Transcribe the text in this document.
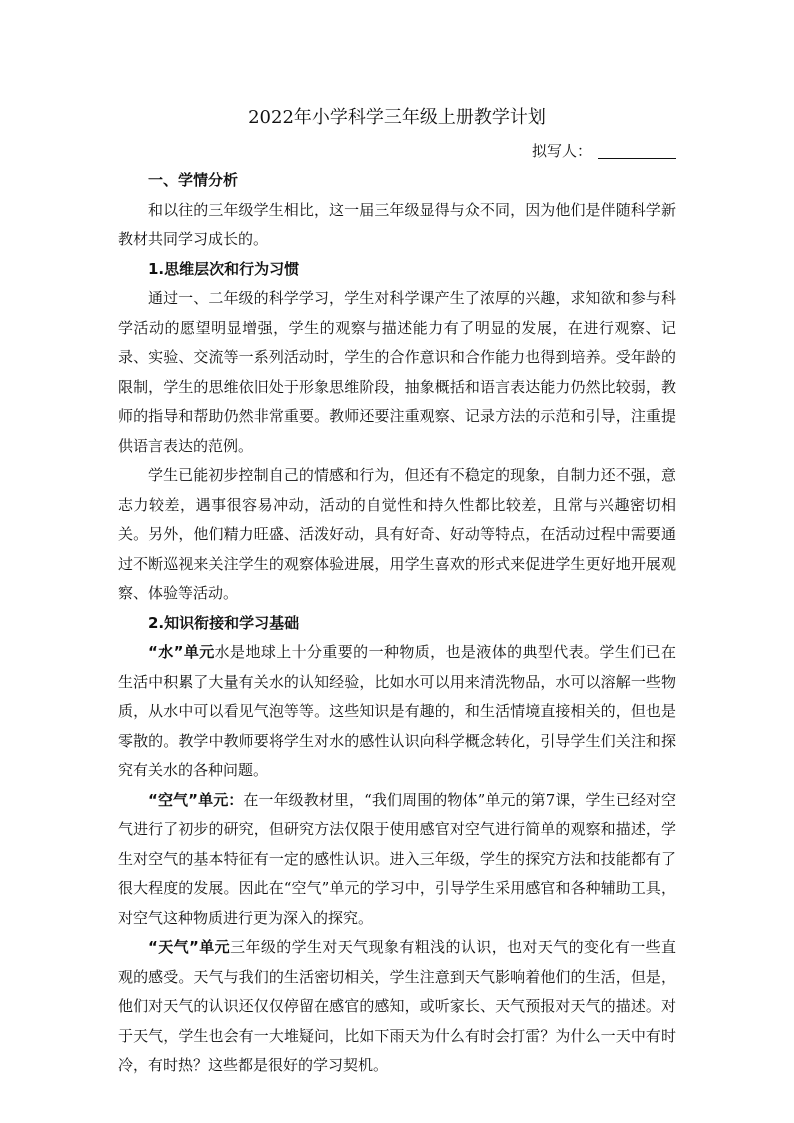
2022年小学科学三年级上册教学计划
拟写人：
一、学情分析

和以往的三年级学生相比，这一届三年级显得与众不同，因为他们是伴随科学新教材共同学习成长的。

1.思维层次和行为习惯

通过一、二年级的科学学习，学生对科学课产生了浓厚的兴趣，求知欲和参与科学活动的愿望明显增强，学生的观察与描述能力有了明显的发展，在进行观察、记录、实验、交流等一系列活动时，学生的合作意识和合作能力也得到培养。受年龄的限制，学生的思维依旧处于形象思维阶段，抽象概括和语言表达能力仍然比较弱，教师的指导和帮助仍然非常重要。教师还要注重观察、记录方法的示范和引导，注重提供语言表达的范例。

学生已能初步控制自己的情感和行为，但还有不稳定的现象，自制力还不强，意志力较差，遇事很容易冲动，活动的自觉性和持久性都比较差，且常与兴趣密切相关。另外，他们精力旺盛、活泼好动，具有好奇、好动等特点，在活动过程中需要通过不断巡视来关注学生的观察体验进展，用学生喜欢的形式来促进学生更好地开展观察、体验等活动。

2.知识衔接和学习基础

“水”单元水是地球上十分重要的一种物质，也是液体的典型代表。学生们已在生活中积累了大量有关水的认知经验，比如水可以用来清洗物品，水可以溶解一些物质，从水中可以看见气泡等等。这些知识是有趣的，和生活情境直接相关的，但也是零散的。教学中教师要将学生对水的感性认识向科学概念转化，引导学生们关注和探究有关水的各种问题。

“空气”单元：在一年级教材里，“我们周围的物体”单元的第7课，学生已经对空气进行了初步的研究，但研究方法仅限于使用感官对空气进行简单的观察和描述，学生对空气的基本特征有一定的感性认识。进入三年级，学生的探究方法和技能都有了很大程度的发展。因此在“空气”单元的学习中，引导学生采用感官和各种辅助工具，对空气这种物质进行更为深入的探究。

“天气”单元三年级的学生对天气现象有粗浅的认识，也对天气的变化有一些直观的感受。天气与我们的生活密切相关，学生注意到天气影响着他们的生活，但是，他们对天气的认识还仅仅停留在感官的感知，或听家长、天气预报对天气的描述。对于天气，学生也会有一大堆疑问，比如下雨天为什么有时会打雷？为什么一天中有时冷，有时热？这些都是很好的学习契机。
